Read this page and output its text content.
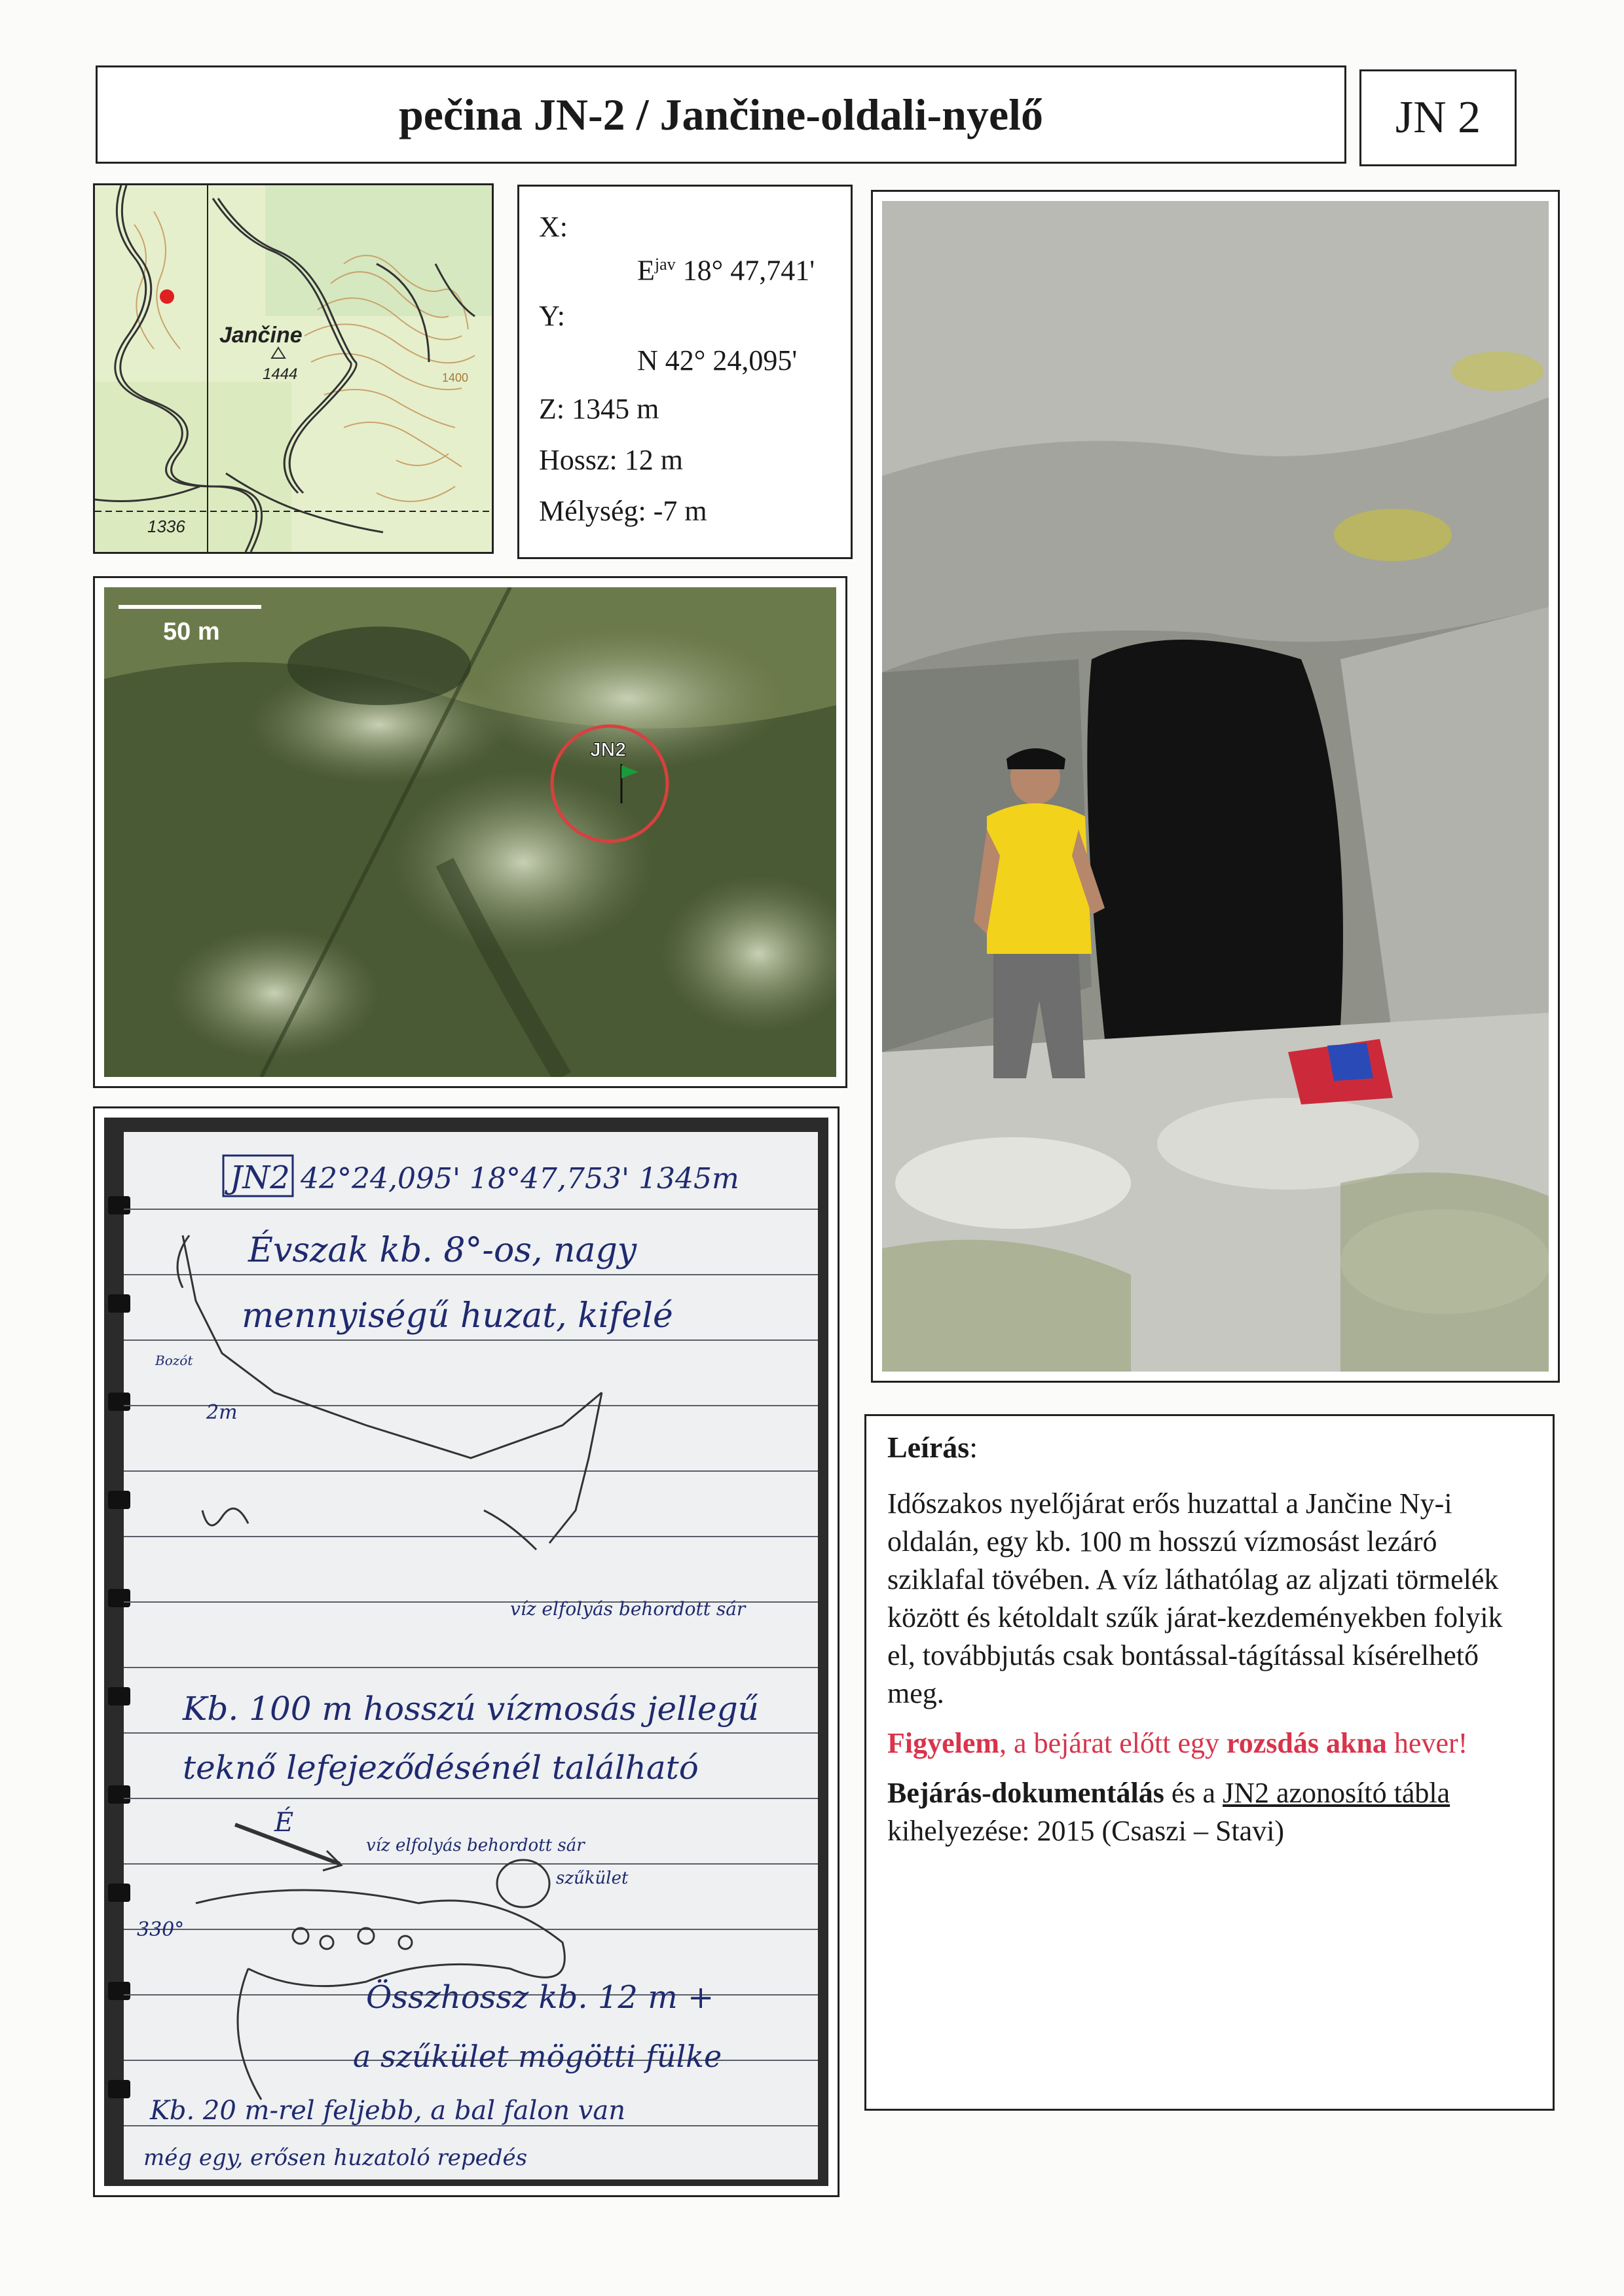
pečina JN-2 / Jančine-oldali-nyelő	JN 2
Jančine
1444
1336
1400
X:
$E^{jav}$ 18° 47,741'
Y:
N 42° 24,095'
Z: 1345 m
Hossz: 12 m
Mélység: -7 m
50 m
JN2
JN2 42°24,095' 18°47,753' 1345m
Évszak kb. 8°-os, nagy
mennyiségű huzat, kifelé
Bozót
2m
víz elfolyás behordott sár
Kb. 100 m hosszú vízmosás jellegű
teknő lefejeződésénél található
É
víz elfolyás behordott sár
szűkület
330°
Összhossz kb. 12 m +
a szűkület mögötti fülke
Kb. 20 m-rel feljebb, a bal falon van
még egy, erősen huzatoló repedés
Leírás:

Időszakos nyelőjárat erős huzattal a Jančine Ny-i oldalán, egy kb. 100 m hosszú vízmosást lezáró sziklafal tövében. A víz láthatólag az aljzati törmelék között és kétoldalt szűk járat-kezdeményekben folyik el, továbbjutás csak bontással-tágítással kísérelhető meg.

Figyelem, a bejárat előtt egy rozsdás akna hever!

Bejárás-dokumentálás és a JN2 azonosító tábla kihelyezése: 2015 (Csaszi – Stavi)
